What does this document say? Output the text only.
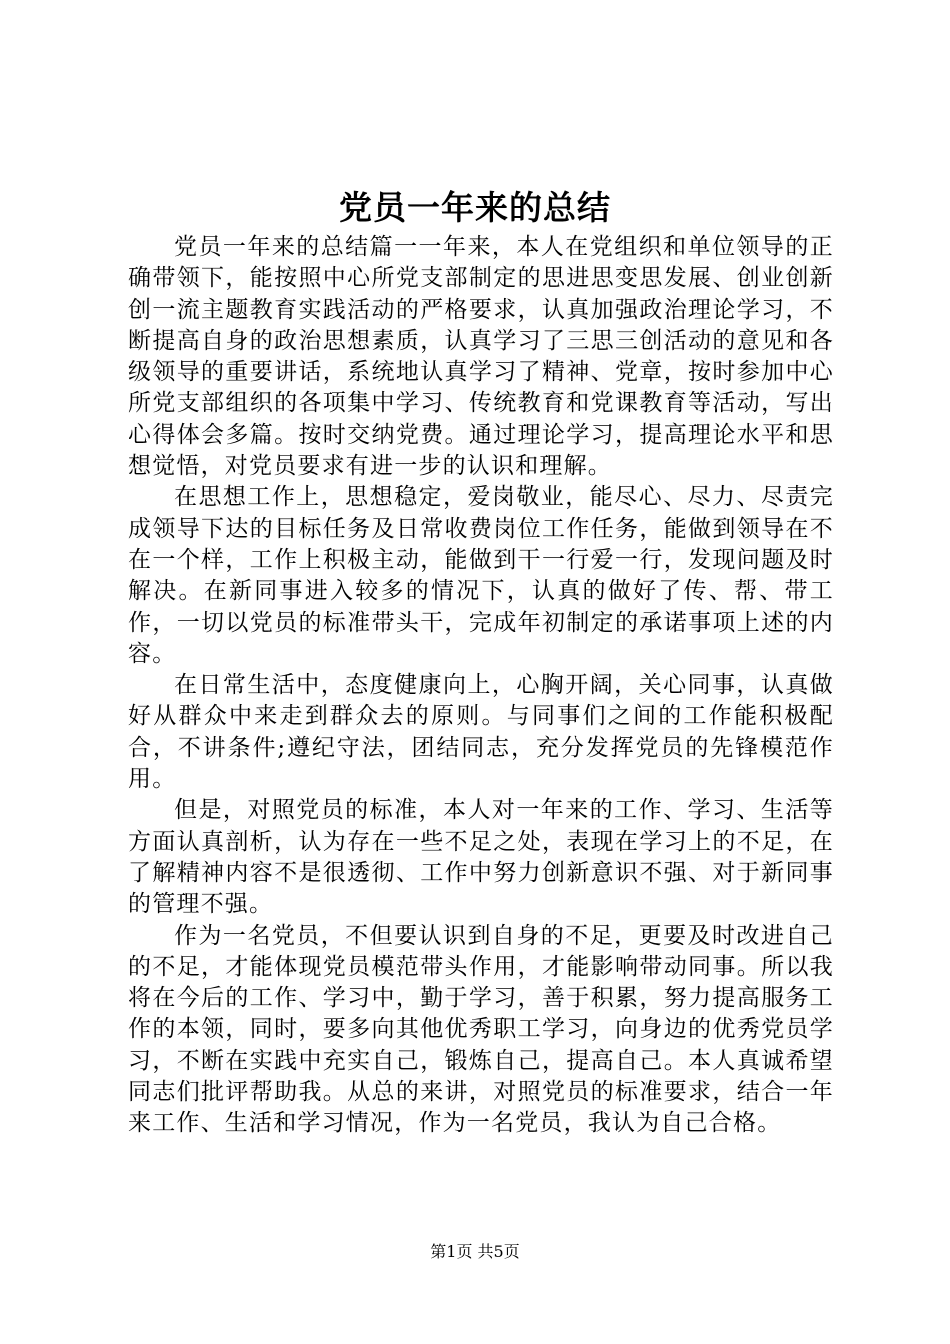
党员一年来的总结

党员一年来的总结篇一一年来，本人在党组织和单位领导的正确带领下，能按照中心所党支部制定的思进思变思发展、创业创新创一流主题教育实践活动的严格要求，认真加强政治理论学习，不断提高自身的政治思想素质，认真学习了三思三创活动的意见和各级领导的重要讲话，系统地认真学习了精神、党章，按时参加中心所党支部组织的各项集中学习、传统教育和党课教育等活动，写出心得体会多篇。按时交纳党费。通过理论学习，提高理论水平和思想觉悟，对党员要求有进一步的认识和理解。

在思想工作上，思想稳定，爱岗敬业，能尽心、尽力、尽责完成领导下达的目标任务及日常收费岗位工作任务，能做到领导在不在一个样，工作上积极主动，能做到干一行爱一行，发现问题及时解决。在新同事进入较多的情况下，认真的做好了传、帮、带工作，一切以党员的标准带头干，完成年初制定的承诺事项上述的内容。

在日常生活中，态度健康向上，心胸开阔，关心同事，认真做好从群众中来走到群众去的原则。与同事们之间的工作能积极配合，不讲条件;遵纪守法，团结同志，充分发挥党员的先锋模范作用。

但是，对照党员的标准，本人对一年来的工作、学习、生活等方面认真剖析，认为存在一些不足之处，表现在学习上的不足，在了解精神内容不是很透彻、工作中努力创新意识不强、对于新同事的管理不强。

作为一名党员，不但要认识到自身的不足，更要及时改进自己的不足，才能体现党员模范带头作用，才能影响带动同事。所以我将在今后的工作、学习中，勤于学习，善于积累，努力提高服务工作的本领，同时，要多向其他优秀职工学习，向身边的优秀党员学习，不断在实践中充实自己，锻炼自己，提高自己。本人真诚希望同志们批评帮助我。从总的来讲，对照党员的标准要求，结合一年来工作、生活和学习情况，作为一名党员，我认为自己合格。

第1页 共5页
